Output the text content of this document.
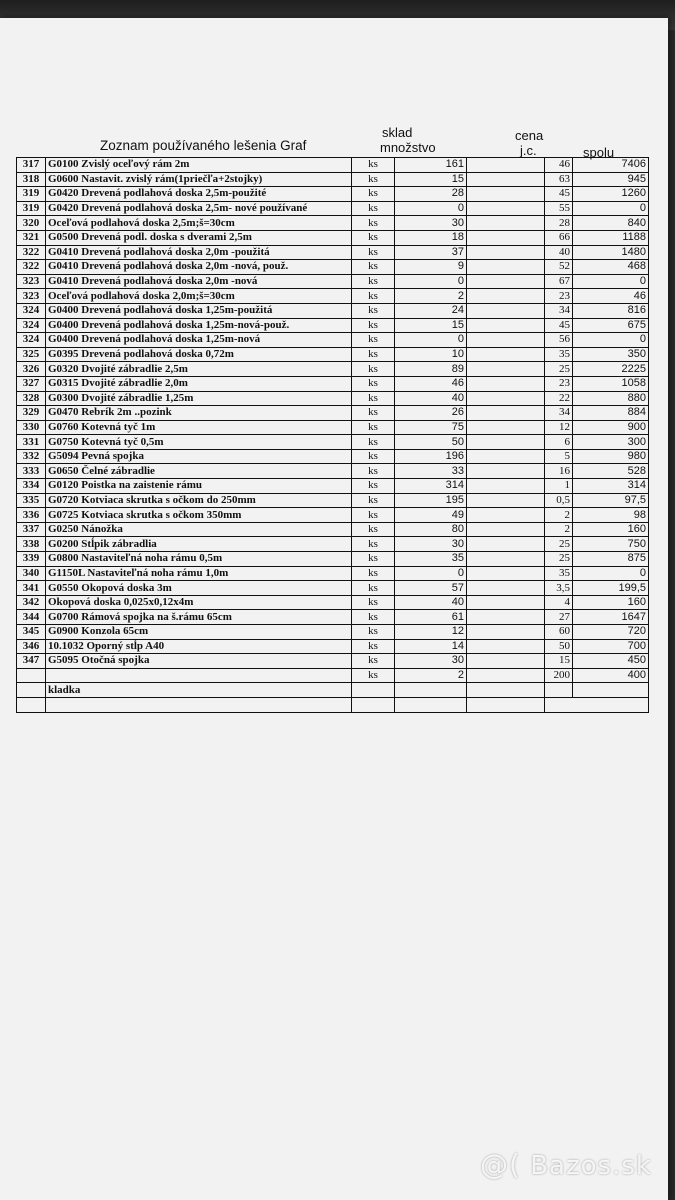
Zoznam používaného lešenia Graf
sklad
množstvo
cena
j.c.	spolu
317	G0100 Zvislý oceľový rám 2m	ks	161		46	7406
318	G0600 Nastavit. zvislý rám(1priečľa+2stojky)	ks	15		63	945
319	G0420 Drevená podlahová doska 2,5m-použité	ks	28		45	1260
319	G0420 Drevená podlahová doska 2,5m- nové používané	ks	0		55	0
320	Oceľová podlahová doska 2,5m;š=30cm	ks	30		28	840
321	G0500 Drevená podl. doska s dverami 2,5m	ks	18		66	1188
322	G0410 Drevená podlahová doska 2,0m -použitá	ks	37		40	1480
322	G0410 Drevená podlahová doska 2,0m -nová, použ.	ks	9		52	468
323	G0410 Drevená podlahová doska 2,0m -nová	ks	0		67	0
323	Oceľová podlahová doska 2,0m;š=30cm	ks	2		23	46
324	G0400 Drevená podlahová doska 1,25m-použitá	ks	24		34	816
324	G0400 Drevená podlahová doska 1,25m-nová-použ.	ks	15		45	675
324	G0400 Drevená podlahová doska 1,25m-nová	ks	0		56	0
325	G0395 Drevená podlahová doska 0,72m	ks	10		35	350
326	G0320 Dvojité zábradlie 2,5m	ks	89		25	2225
327	G0315 Dvojité zábradlie 2,0m	ks	46		23	1058
328	G0300 Dvojité zábradlie 1,25m	ks	40		22	880
329	G0470 Rebrík 2m ..pozink	ks	26		34	884
330	G0760 Kotevná tyč 1m	ks	75		12	900
331	G0750 Kotevná tyč 0,5m	ks	50		6	300
332	G5094 Pevná spojka	ks	196		5	980
333	G0650 Čelné zábradlie	ks	33		16	528
334	G0120 Poistka na zaistenie rámu	ks	314		1	314
335	G0720 Kotviaca skrutka s očkom do 250mm	ks	195		0,5	97,5
336	G0725 Kotviaca skrutka s očkom 350mm	ks	49		2	98
337	G0250 Nánožka	ks	80		2	160
338	G0200 Stĺpik zábradlia	ks	30		25	750
339	G0800 Nastaviteľná noha rámu 0,5m	ks	35		25	875
340	G1150L Nastaviteľná noha rámu 1,0m	ks	0		35	0
341	G0550 Okopová doska 3m	ks	57		3,5	199,5
342	Okopová doska 0,025x0,12x4m	ks	40		4	160
344	G0700 Rámová spojka na š.rámu 65cm	ks	61		27	1647
345	G0900 Konzola 65cm	ks	12		60	720
346	10.1032 Oporný stĺp A40	ks	14		50	700
347	G5095 Otočná spojka	ks	30		15	450
		ks	2		200	400
	kladka					

@( Bazos.sk
